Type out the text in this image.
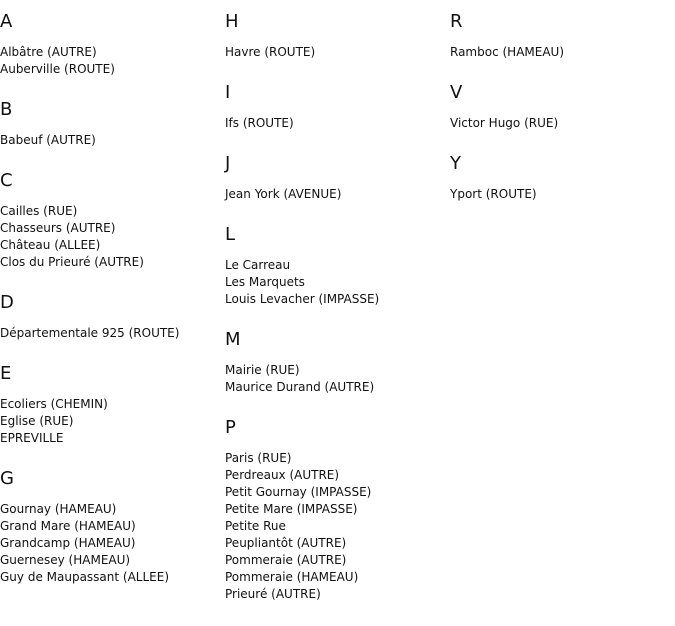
A
Albâtre (AUTRE)
Auberville (ROUTE)
B
Babeuf (AUTRE)
C
Cailles (RUE)
Chasseurs (AUTRE)
Château (ALLEE)
Clos du Prieuré (AUTRE)
D
Départementale 925 (ROUTE)
E
Ecoliers (CHEMIN)
Eglise (RUE)
EPREVILLE
G
Gournay (HAMEAU)
Grand Mare (HAMEAU)
Grandcamp (HAMEAU)
Guernesey (HAMEAU)
Guy de Maupassant (ALLEE)
H
Havre (ROUTE)
I
Ifs (ROUTE)
J
Jean York (AVENUE)
L
Le Carreau
Les Marquets
Louis Levacher (IMPASSE)
M
Mairie (RUE)
Maurice Durand (AUTRE)
P
Paris (RUE)
Perdreaux (AUTRE)
Petit Gournay (IMPASSE)
Petite Mare (IMPASSE)
Petite Rue
Peupliantôt (AUTRE)
Pommeraie (AUTRE)
Pommeraie (HAMEAU)
Prieuré (AUTRE)
R
Ramboc (HAMEAU)
V
Victor Hugo (RUE)
Y
Yport (ROUTE)
